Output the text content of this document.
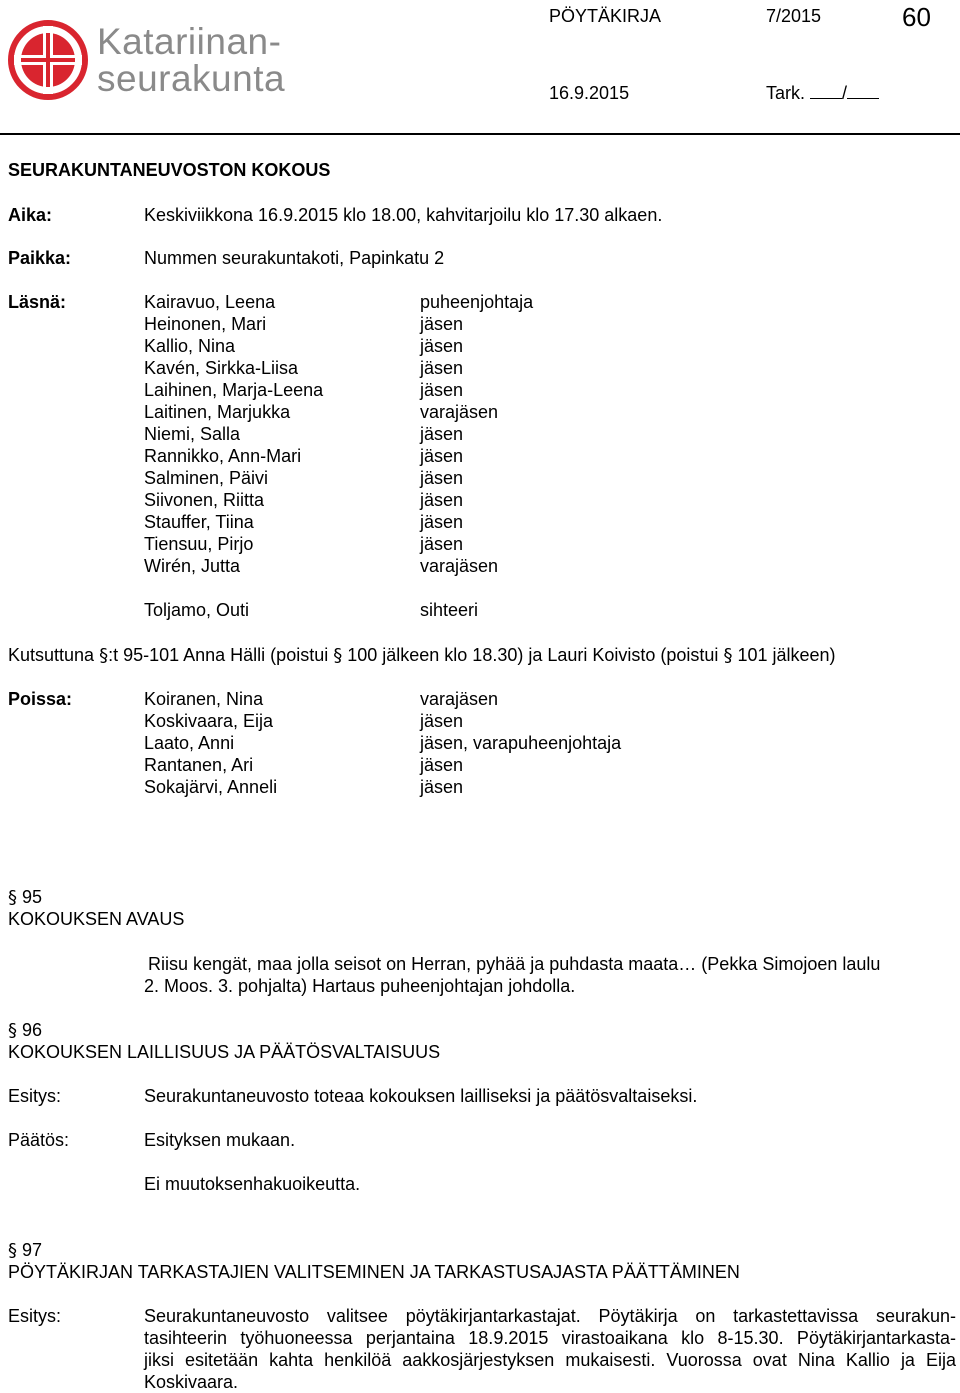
Katariinan-
seurakunta
PÖYTÄKIRJA	7/2015	60
16.9.2015	Tark. /
SEURAKUNTANEUVOSTON KOKOUS
Aika:	Keskiviikkona 16.9.2015 klo 18.00, kahvitarjoilu klo 17.30 alkaen.
Paikka:	Nummen seurakuntakoti, Papinkatu 2
Läsnä:	Kairavuo, Leena	puheenjohtaja
Heinonen, Mari	jäsen
Kallio, Nina	jäsen
Kavén, Sirkka-Liisa	jäsen
Laihinen, Marja-Leena	jäsen
Laitinen, Marjukka	varajäsen
Niemi, Salla	jäsen
Rannikko, Ann-Mari	jäsen
Salminen, Päivi	jäsen
Siivonen, Riitta	jäsen
Stauffer, Tiina	jäsen
Tiensuu, Pirjo	jäsen
Wirén, Jutta	varajäsen
Toljamo, Outi	sihteeri
Kutsuttuna §:t 95-101 Anna Hälli (poistui § 100 jälkeen klo 18.30) ja Lauri Koivisto (poistui § 101 jälkeen)
Poissa:	Koiranen, Nina	varajäsen
Koskivaara, Eija	jäsen
Laato, Anni	jäsen, varapuheenjohtaja
Rantanen, Ari	jäsen
Sokajärvi, Anneli	jäsen
§ 95
KOKOUKSEN AVAUS
Riisu kengät, maa jolla seisot on Herran, pyhää ja puhdasta maata… (Pekka Simojoen laulu
2. Moos. 3. pohjalta) Hartaus puheenjohtajan johdolla.
§ 96
KOKOUKSEN LAILLISUUS JA PÄÄTÖSVALTAISUUS
Esitys:	Seurakuntaneuvosto toteaa kokouksen lailliseksi ja päätösvaltaiseksi.
Päätös:	Esityksen mukaan.
Ei muutoksenhakuoikeutta.
§ 97
PÖYTÄKIRJAN TARKASTAJIEN VALITSEMINEN JA TARKASTUSAJASTA PÄÄTTÄMINEN
Esitys:	Seurakuntaneuvosto valitsee pöytäkirjantarkastajat. Pöytäkirja on tarkastettavissa seurakun-
tasihteerin työhuoneessa perjantaina 18.9.2015 virastoaikana klo 8-15.30. Pöytäkirjantarkasta-
jiksi esitetään kahta henkilöä aakkosjärjestyksen mukaisesti. Vuorossa ovat Nina Kallio ja Eija
Koskivaara.
